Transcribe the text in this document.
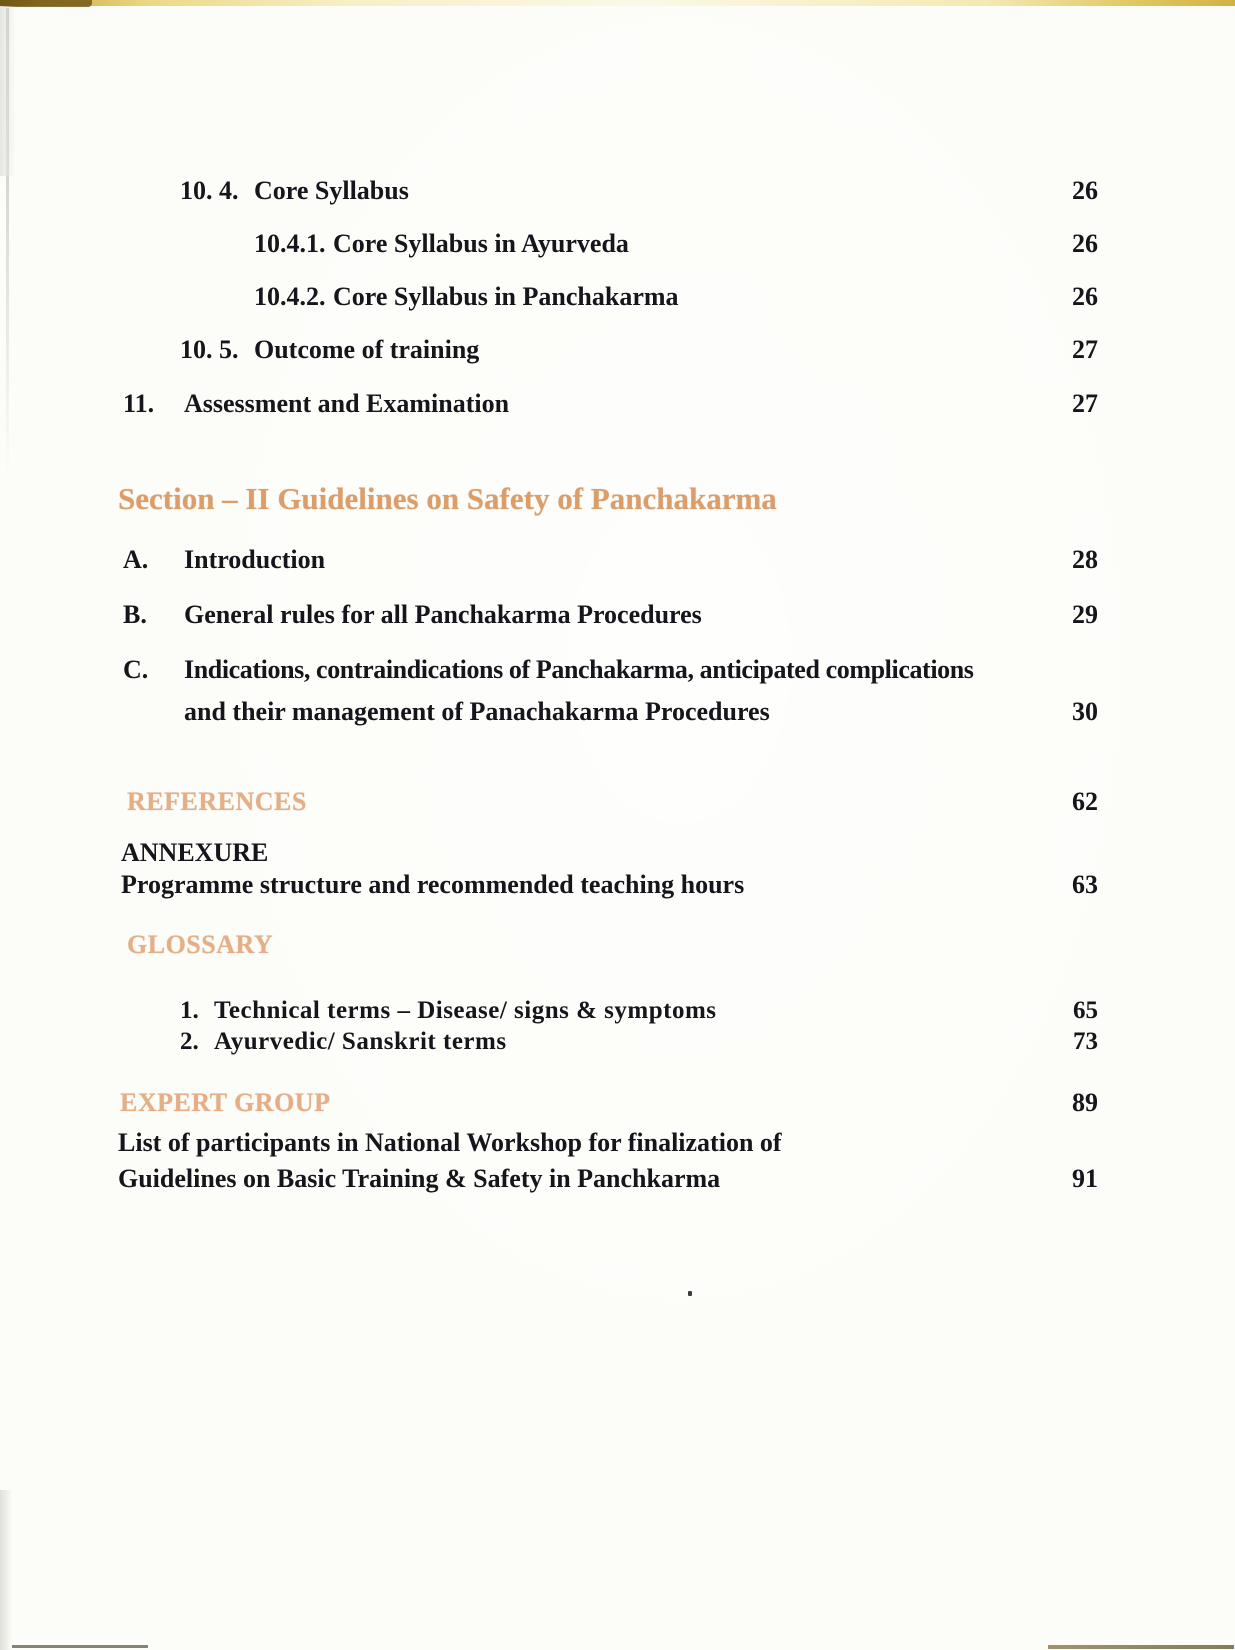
10. 4. Core Syllabus	26
10.4.1. Core Syllabus in Ayurveda	26
10.4.2. Core Syllabus in Panchakarma	26
10. 5. Outcome of training	27
11. Assessment and Examination	27
Section – II Guidelines on Safety of Panchakarma
A. Introduction	28
B. General rules for all Panchakarma Procedures	29
C. Indications, contraindications of Panchakarma, anticipated complications
and their management of Panachakarma Procedures	30
REFERENCES	62
ANNEXURE
Programme structure and recommended teaching hours	63
GLOSSARY
1. Technical terms – Disease/ signs & symptoms	65
2. Ayurvedic/ Sanskrit terms	73
EXPERT GROUP	89
List of participants in National Workshop for finalization of
Guidelines on Basic Training & Safety in Panchkarma	91
